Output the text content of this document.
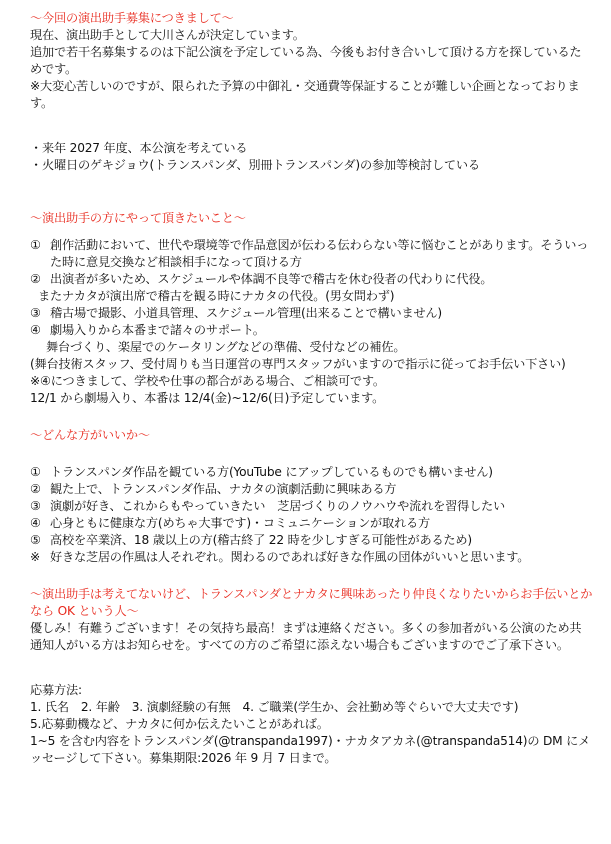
～今回の演出助手募集につきまして～

現在、演出助手として大川さんが決定しています。

追加で若干名募集するのは下記公演を予定している為、今後もお付き合いして頂ける方を探しているためです。

※大変心苦しいのですが、限られた予算の中御礼・交通費等保証することが難しい企画となっております。

・来年 2027 年度、本公演を考えている

・火曜日のゲキジョウ(トランスパンダ、別冊トランスパンダ)の参加等検討している

～演出助手の方にやって頂きたいこと～

① 創作活動において、世代や環境等で作品意図が伝わる伝わらない等に悩むことがあります。そういった時に意見交換など相談相手になって頂ける方
② 出演者が多いため、スケジュールや体調不良等で稽古を休む役者の代わりに代役。

またナカタが演出席で稽古を観る時にナカタの代役。(男女問わず)

③ 稽古場で撮影、小道具管理、スケジュール管理(出来ることで構いません)
④ 劇場入りから本番まで諸々のサポート。

舞台づくり、楽屋でのケータリングなどの準備、受付などの補佐。

(舞台技術スタッフ、受付周りも当日運営の専門スタッフがいますので指示に従ってお手伝い下さい)

※④につきまして、学校や仕事の都合がある場合、ご相談可です。

12/1 から劇場入り、本番は 12/4(金)~12/6(日)予定しています。

～どんな方がいいか～

① トランスパンダ作品を観ている方(YouTube にアップしているものでも構いません)
② 観た上で、トランスパンダ作品、ナカタの演劇活動に興味ある方
③ 演劇が好き、これからもやっていきたい　芝居づくりのノウハウや流れを習得したい
④ 心身ともに健康な方(めちゃ大事です)・コミュニケーションが取れる方
⑤ 高校を卒業済、18 歳以上の方(稽古終了 22 時を少しすぎる可能性があるため)
※ 好きな芝居の作風は人それぞれ。関わるのであれば好きな作風の団体がいいと思います。

～演出助手は考えてないけど、トランスパンダとナカタに興味あったり仲良くなりたいからお手伝いとかなら OK という人～

優しみ！有難うございます！その気持ち最高！まずは連絡ください。多くの参加者がいる公演のため共通知人がいる方はお知らせを。すべての方のご希望に添えない場合もございますのでご了承下さい。

応募方法:

1. 氏名　2. 年齢　3. 演劇経験の有無　4. ご職業(学生か、会社勤め等ぐらいで大丈夫です)

5.応募動機など、ナカタに何か伝えたいことがあれば。

1~5 を含む内容をトランスパンダ(@transpanda1997)・ナカタアカネ(@transpanda514)の DM にメッセージして下さい。募集期限:2026 年 9 月 7 日まで。
